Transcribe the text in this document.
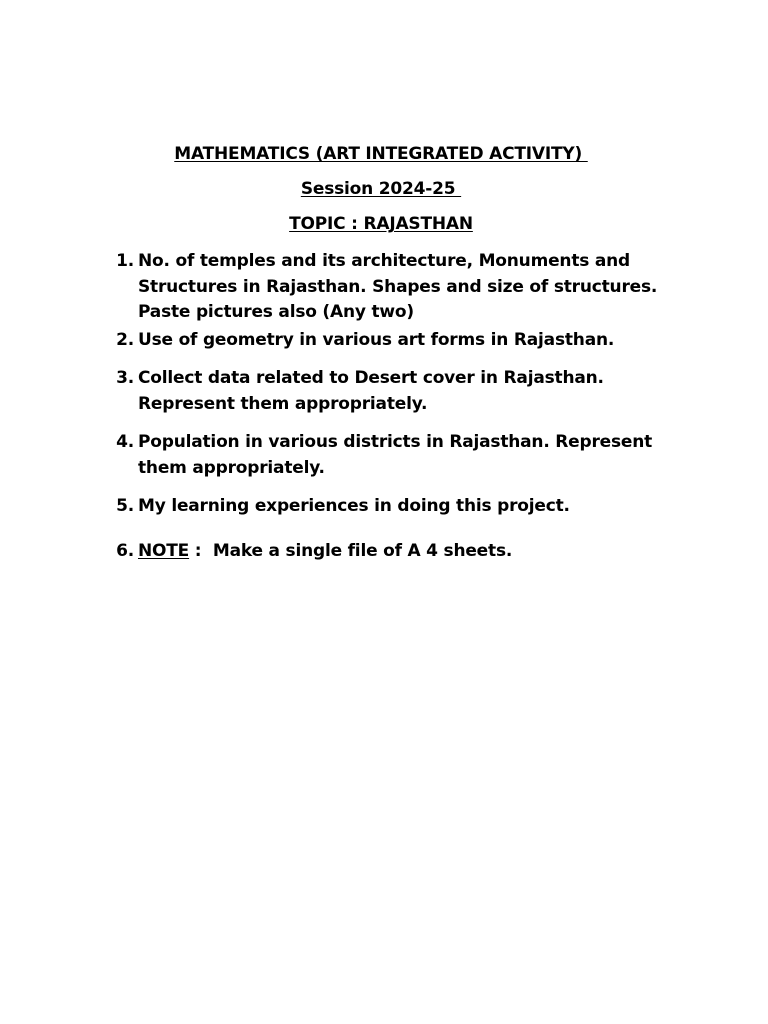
MATHEMATICS (ART INTEGRATED ACTIVITY)
Session 2024-25
TOPIC : RAJASTHAN
1. No. of temples and its architecture, Monuments and Structures in Rajasthan. Shapes and size of structures. Paste pictures also (Any two)
2. Use of geometry in various art forms in Rajasthan.
3. Collect data related to Desert cover in Rajasthan. Represent them appropriately.
4. Population in various districts in Rajasthan. Represent them appropriately.
5. My learning experiences in doing this project.
6. NOTE :  Make a single file of A 4 sheets.
